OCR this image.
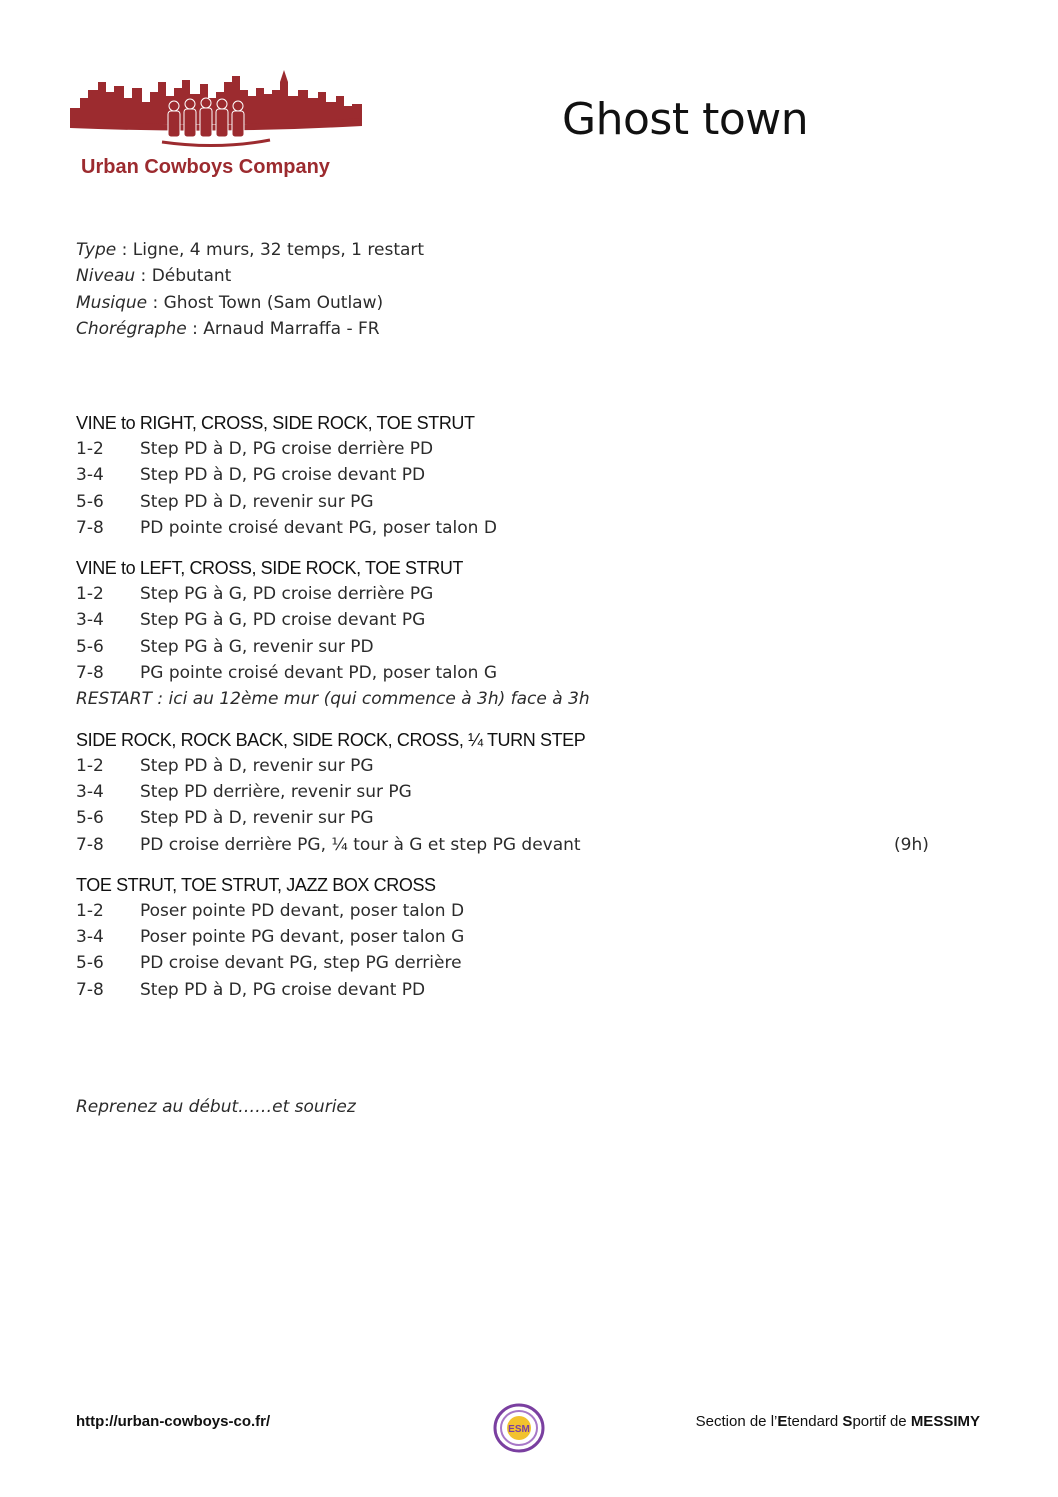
Urban Cowboys Company
Ghost town
Type : Ligne, 4 murs, 32 temps, 1 restart
Niveau : Débutant
Musique : Ghost Town (Sam Outlaw)
Chorégraphe : Arnaud Marraffa - FR
VINE to RIGHT, CROSS, SIDE ROCK, TOE STRUT
1-2 Step PD à D, PG croise derrière PD
3-4 Step PD à D, PG croise devant PD
5-6 Step PD à D, revenir sur PG
7-8 PD pointe croisé devant PG, poser talon D
VINE to LEFT, CROSS, SIDE ROCK, TOE STRUT
1-2 Step PG à G, PD croise derrière PG
3-4 Step PG à G, PD croise devant PG
5-6 Step PG à G, revenir sur PD
7-8 PG pointe croisé devant PD, poser talon G
RESTART : ici au 12ème mur (qui commence à 3h) face à 3h
SIDE ROCK, ROCK BACK, SIDE ROCK, CROSS, ¼ TURN STEP
1-2 Step PD à D, revenir sur PG
3-4 Step PD derrière, revenir sur PG
5-6 Step PD à D, revenir sur PG
7-8 PD croise derrière PG, ¼ tour à G et step PG devant	(9h)
TOE STRUT, TOE STRUT, JAZZ BOX CROSS
1-2 Poser pointe PD devant, poser talon D
3-4 Poser pointe PG devant, poser talon G
5-6 PD croise devant PG, step PG derrière
7-8 Step PD à D, PG croise devant PD
Reprenez au début……et souriez
http://urban-cowboys-co.fr/	ESM	Section de l’Etendard Sportif de MESSIMY
